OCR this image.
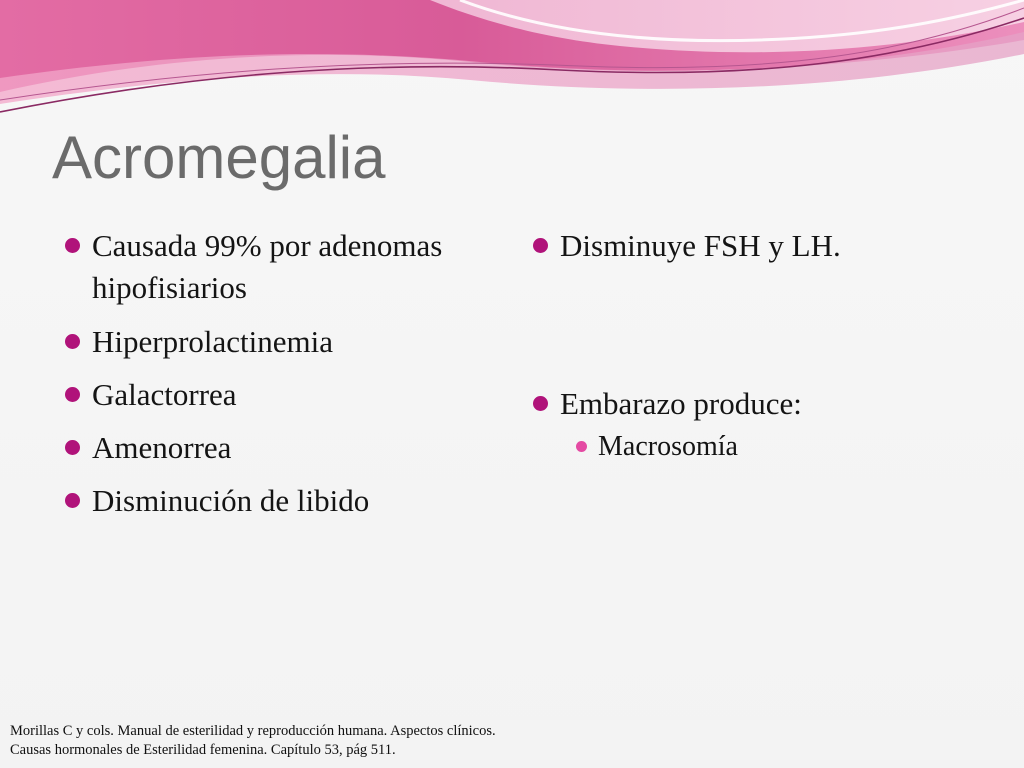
Acromegalia
Causada 99% por adenomas hipofisiarios
Hiperprolactinemia
Galactorrea
Amenorrea
Disminución de libido
Disminuye FSH y LH.
Embarazo produce:
Macrosomía
Morillas C y cols. Manual de esterilidad y reproducción humana. Aspectos clínicos.
Causas hormonales de Esterilidad femenina. Capítulo 53, pág 511.
